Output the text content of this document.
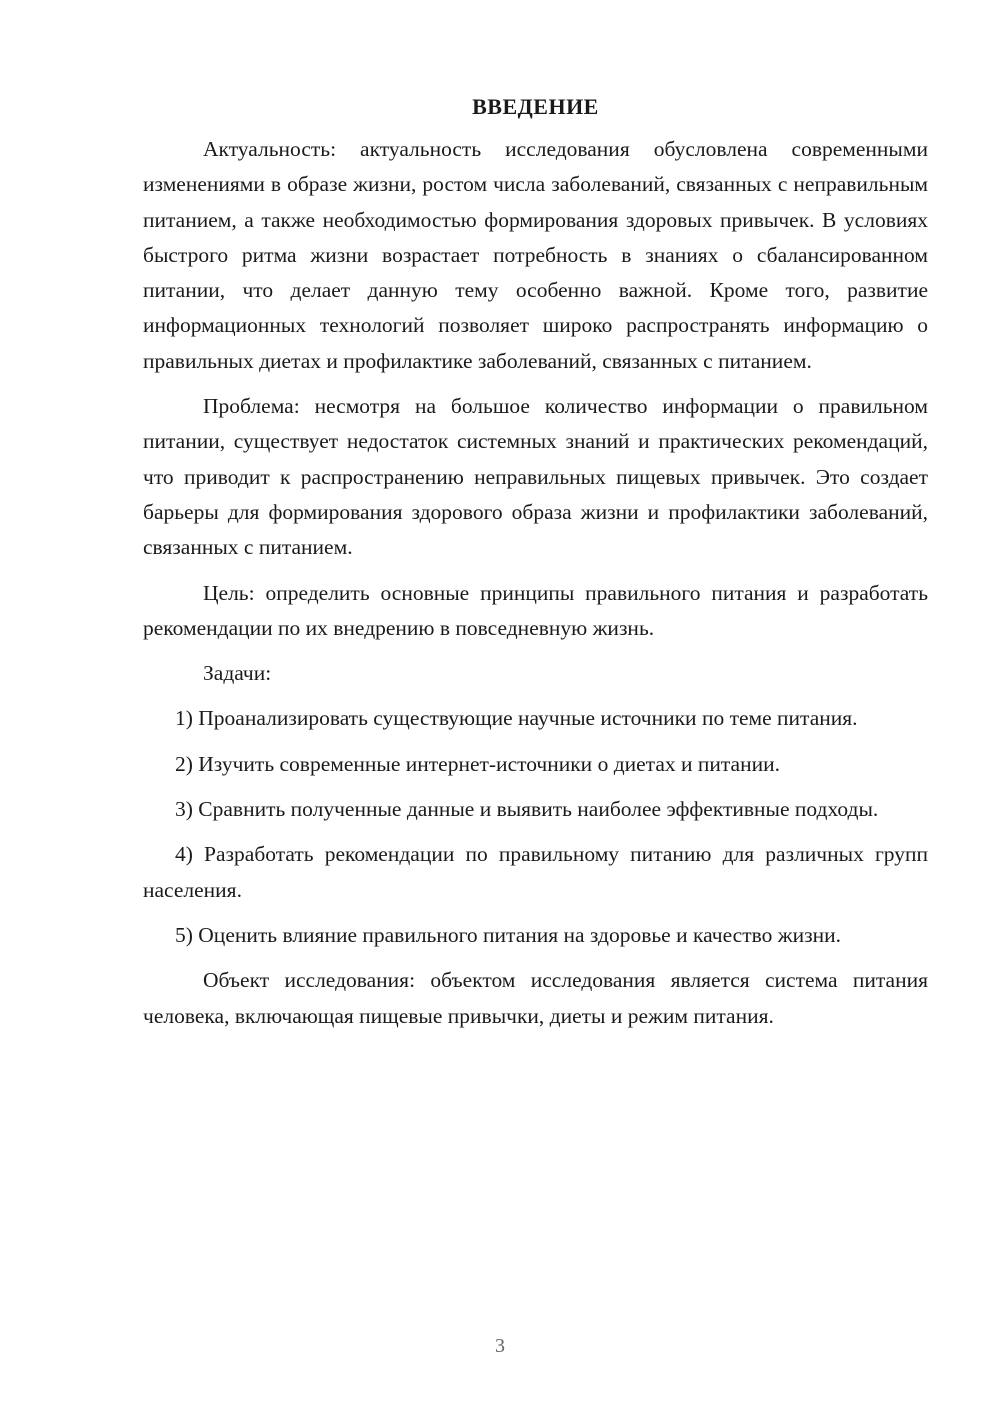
ВВЕДЕНИЕ

Актуальность: актуальность исследования обусловлена современными изменениями в образе жизни, ростом числа заболеваний, связанных с неправильным питанием, а также необходимостью формирования здоровых привычек. В условиях быстрого ритма жизни возрастает потребность в знаниях о сбалансированном питании, что делает данную тему особенно важной. Кроме того, развитие информационных технологий позволяет широко распространять информацию о правильных диетах и профилактике заболеваний, связанных с питанием.

Проблема: несмотря на большое количество информации о правильном питании, существует недостаток системных знаний и практических рекомендаций, что приводит к распространению неправильных пищевых привычек. Это создает барьеры для формирования здорового образа жизни и профилактики заболеваний, связанных с питанием.

Цель: определить основные принципы правильного питания и разработать рекомендации по их внедрению в повседневную жизнь.

Задачи:

1) Проанализировать существующие научные источники по теме питания.

2) Изучить современные интернет-источники о диетах и питании.

3) Сравнить полученные данные и выявить наиболее эффективные подходы.

4) Разработать рекомендации по правильному питанию для различных групп населения.

5) Оценить влияние правильного питания на здоровье и качество жизни.

Объект исследования: объектом исследования является система питания человека, включающая пищевые привычки, диеты и режим питания.

3
